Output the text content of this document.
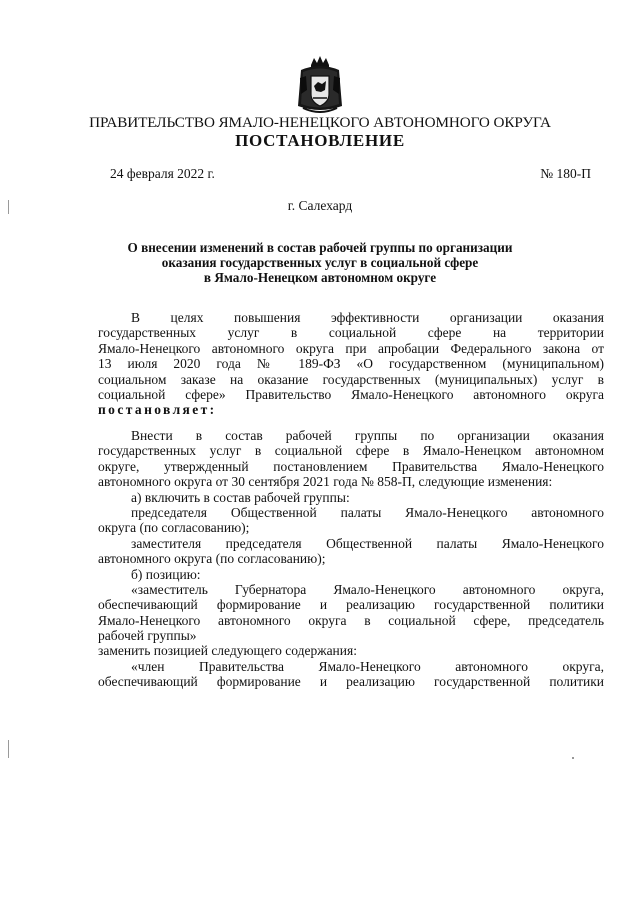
ПРАВИТЕЛЬСТВО ЯМАЛО-НЕНЕЦКОГО АВТОНОМНОГО ОКРУГА
ПОСТАНОВЛЕНИЕ
24 февраля 2022 г.	№ 180-П
г. Салехард
О внесении изменений в состав рабочей группы по организации
оказания государственных услуг в социальной сфере
в Ямало-Ненецком автономном округе
В целях повышения эффективности организации оказания
государственных услуг в социальной сфере на территории
Ямало-Ненецкого автономного округа при апробации Федерального закона от
13 июля 2020 года № 189-ФЗ «О государственном (муниципальном)
социальном заказе на оказание государственных (муниципальных) услуг в
социальной сфере» Правительство Ямало-Ненецкого автономного округа
постановляет:
Внести в состав рабочей группы по организации оказания
государственных услуг в социальной сфере в Ямало-Ненецком автономном
округе, утвержденный постановлением Правительства Ямало-Ненецкого
автономного округа от 30 сентября 2021 года № 858-П, следующие изменения:
а) включить в состав рабочей группы:
председателя Общественной палаты Ямало-Ненецкого автономного
округа (по согласованию);
заместителя председателя Общественной палаты Ямало-Ненецкого
автономного округа (по согласованию);
б) позицию:
«заместитель Губернатора Ямало-Ненецкого автономного округа,
обеспечивающий формирование и реализацию государственной политики
Ямало-Ненецкого автономного округа в социальной сфере, председатель
рабочей группы»
заменить позицией следующего содержания:
«член Правительства Ямало-Ненецкого автономного округа,
обеспечивающий формирование и реализацию государственной политики
